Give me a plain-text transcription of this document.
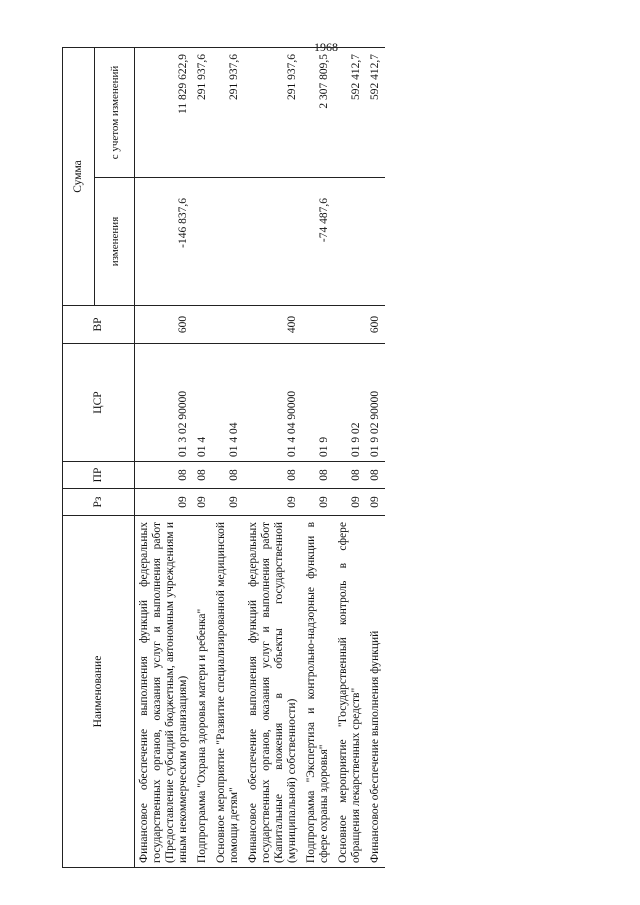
1968
Наименование	Рз	ПР	ЦСР	ВР	Сумма	
					изменения	с учетом изменений
Финансовое обеспечение выполнения функций федеральных государственных органов, оказания услуг и выполнения работ (Предоставление субсидий бюджетным, автономным учреждениям и иным некоммерческим организациям)	09	08	01 3 02 90000	600	-146 837,6	11 829 622,9
Подпрограмма "Охрана здоровья матери и ребенка"	09	08	01 4			291 937,6
Основное мероприятие "Развитие специализированной медицинской помощи детям"	09	08	01 4 04			291 937,6
Финансовое обеспечение выполнения функций федеральных государственных органов, оказания услуг и выполнения работ (Капитальные вложения в объекты государственной (муниципальной) собственности)	09	08	01 4 04 90000	400		291 937,6
Подпрограмма "Экспертиза и контрольно-надзорные функции в сфере охраны здоровья"	09	08	01 9		-74 487,6	2 307 809,5
Основное мероприятие "Государственный контроль в сфере обращения лекарственных средств"	09	08	01 9 02			592 412,7
Финансовое обеспечение выполнения функций	09	08	01 9 02 90000	600		592 412,7
